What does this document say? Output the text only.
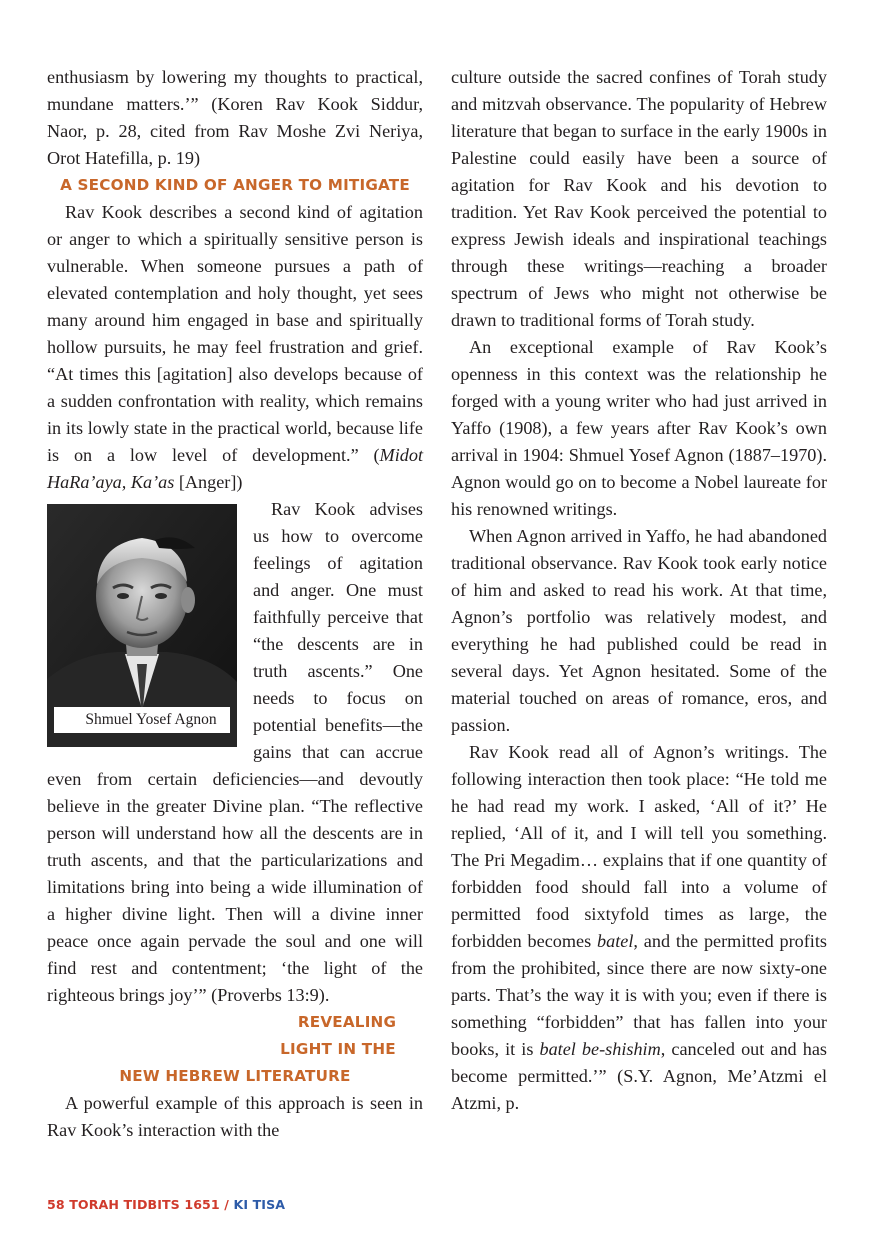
enthusiasm by lowering my thoughts to practical, mundane matters.’” (Koren Rav Kook Siddur, Naor, p. 28, cited from Rav Moshe Zvi Neriya, Orot Hatefilla, p. 19)

A SECOND KIND OF ANGER TO MITIGATE

Rav Kook describes a second kind of agitation or anger to which a spiritually sensitive person is vulnerable. When someone pursues a path of elevated contemplation and holy thought, yet sees many around him engaged in base and spiritually hollow pursuits, he may feel frustration and grief. “At times this [agitation] also develops because of a sudden confrontation with reality, which remains in its lowly state in the practical world, because life is on a low level of development.” (Midot HaRa’aya, Ka’as [Anger])

Shmuel Yosef Agnon
Rav Kook advises us how to overcome feelings of agitation and anger. One must faithfully perceive that “the descents are in truth ascents.” One needs to focus on potential benefits—the gains that can accrue even from certain deficiencies—and devoutly believe in the greater Divine plan. “The reflective person will understand how all the descents are in truth ascents, and that the particularizations and limitations bring into being a wide illumination of a higher divine light. Then will a divine inner peace once again pervade the soul and one will find rest and contentment; ‘the light of the righteous brings joy’” (Proverbs 13:9).
REVEALING LIGHT IN THE

NEW HEBREW LITERATURE

A powerful example of this approach is seen in Rav Kook’s interaction with the

culture outside the sacred confines of Torah study and mitzvah observance. The popularity of Hebrew literature that began to surface in the early 1900s in Palestine could easily have been a source of agitation for Rav Kook and his devotion to tradition. Yet Rav Kook perceived the potential to express Jewish ideals and inspirational teachings through these writings—reaching a broader spectrum of Jews who might not otherwise be drawn to traditional forms of Torah study.

An exceptional example of Rav Kook’s openness in this context was the relationship he forged with a young writer who had just arrived in Yaffo (1908), a few years after Rav Kook’s own arrival in 1904: Shmuel Yosef Agnon (1887–1970). Agnon would go on to become a Nobel laureate for his renowned writings.

When Agnon arrived in Yaffo, he had abandoned traditional observance. Rav Kook took early notice of him and asked to read his work. At that time, Agnon’s portfolio was relatively modest, and everything he had published could be read in several days. Yet Agnon hesitated. Some of the material touched on areas of romance, eros, and passion.

Rav Kook read all of Agnon’s writings. The following interaction then took place: “He told me he had read my work. I asked, ‘All of it?’ He replied, ‘All of it, and I will tell you something. The Pri Megadim… explains that if one quantity of forbidden food should fall into a volume of permitted food sixtyfold times as large, the forbidden becomes batel, and the permitted profits from the prohibited, since there are now sixty-one parts. That’s the way it is with you; even if there is something “forbidden” that has fallen into your books, it is batel be-shishim, canceled out and has become permitted.’” (S.Y. Agnon, Me’Atzmi el Atzmi, p.

58 TORAH TIDBITS 1651 / KI TISA
